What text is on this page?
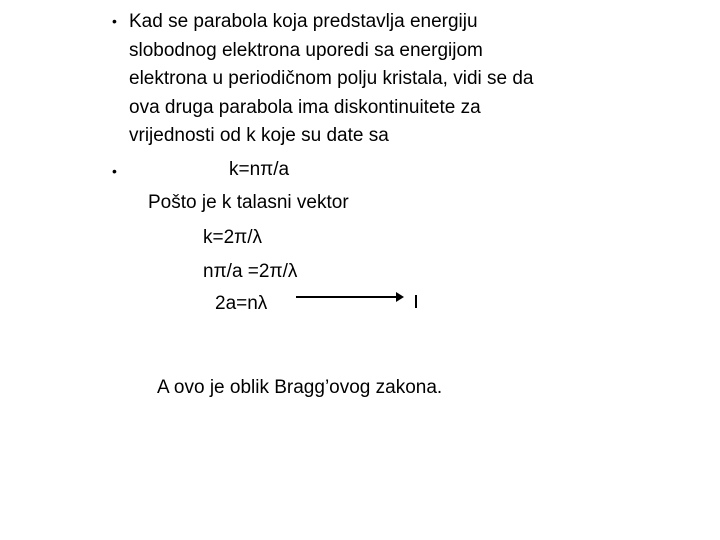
• Kad se parabola koja predstavlja energiju
slobodnog elektrona uporedi sa energijom
elektrona u periodičnom polju kristala, vidi se da
ova druga parabola ima diskontinuitete za
vrijednosti od k koje su date sa
•	k=nπ/a
Pošto je k talasni vektor
k=2π/λ
nπ/a =2π/λ
2a=nλ
A ovo je oblik Bragg’ovog zakona.
